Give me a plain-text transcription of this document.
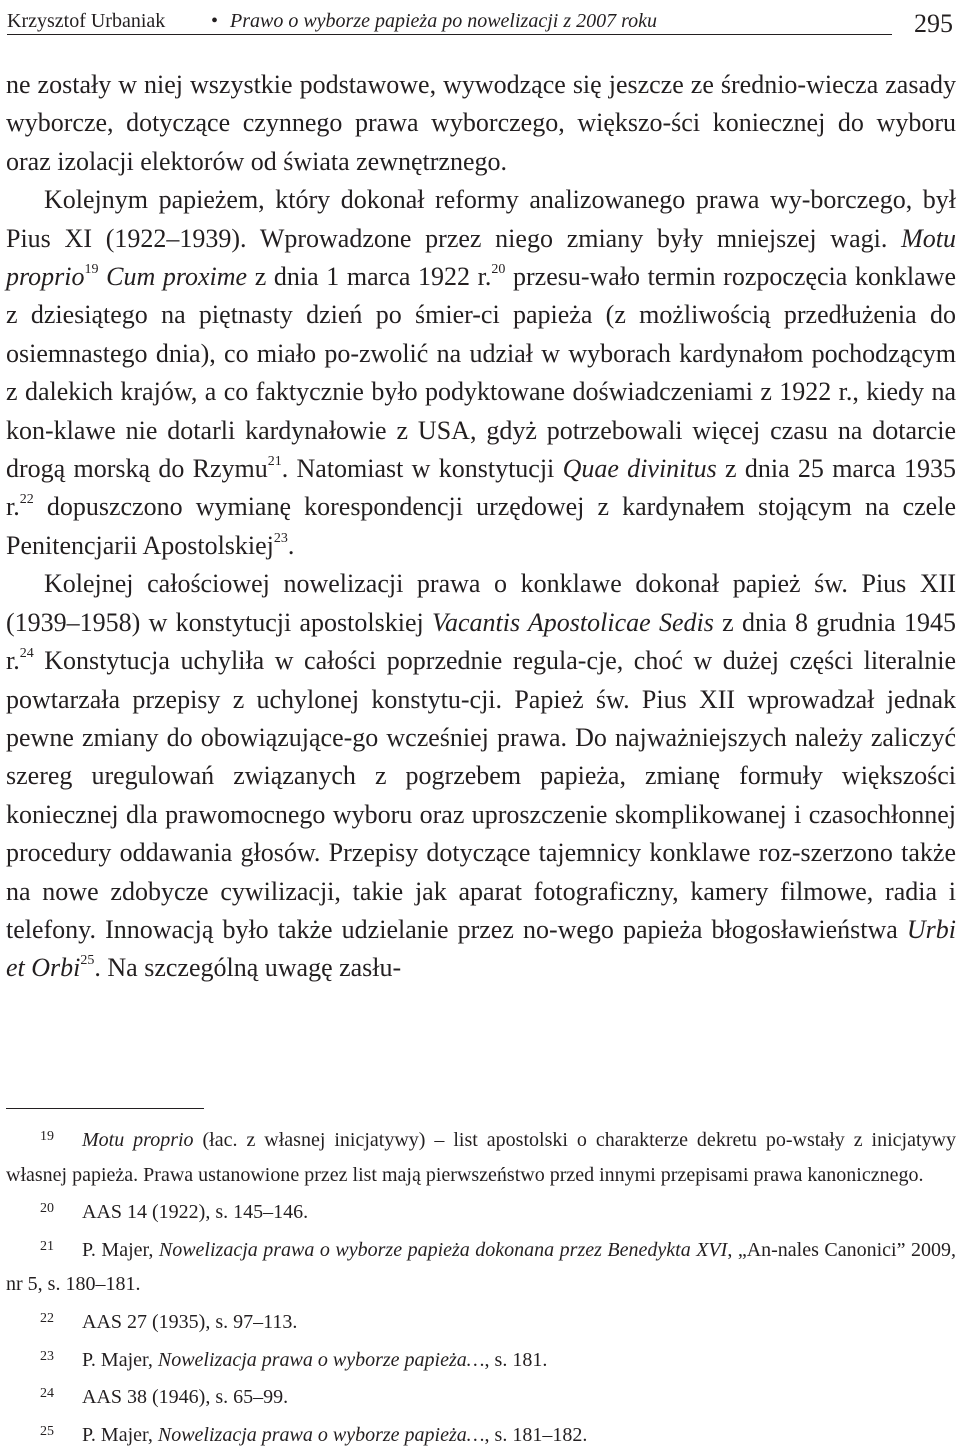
Krzysztof Urbaniak • Prawo o wyborze papieża po nowelizacji z 2007 roku	295

ne zostały w niej wszystkie podstawowe, wywodzące się jeszcze ze średnio-wiecza zasady wyborcze, dotyczące czynnego prawa wyborczego, większo-ści koniecznej do wyboru oraz izolacji elektorów od świata zewnętrznego.

Kolejnym papieżem, który dokonał reformy analizowanego prawa wy-borczego, był Pius XI (1922–1939). Wprowadzone przez niego zmiany były mniejszej wagi. Motu proprio$^{19}$ Cum proxime z dnia 1 marca 1922 r.$^{20}$ przesu-wało termin rozpoczęcia konklawe z dziesiątego na piętnasty dzień po śmier-ci papieża (z możliwością przedłużenia do osiemnastego dnia), co miało po-zwolić na udział w wyborach kardynałom pochodzącym z dalekich krajów, a co faktycznie było podyktowane doświadczeniami z 1922 r., kiedy na kon-klawe nie dotarli kardynałowie z USA, gdyż potrzebowali więcej czasu na dotarcie drogą morską do Rzymu$^{21}$. Natomiast w konstytucji Quae divinitus z dnia 25 marca 1935 r.$^{22}$ dopuszczono wymianę korespondencji urzędowej z kardynałem stojącym na czele Penitencjarii Apostolskiej$^{23}$.

Kolejnej całościowej nowelizacji prawa o konklawe dokonał papież św. Pius XII (1939–1958) w konstytucji apostolskiej Vacantis Apostolicae Sedis z dnia 8 grudnia 1945 r.$^{24}$ Konstytucja uchyliła w całości poprzednie regula-cje, choć w dużej części literalnie powtarzała przepisy z uchylonej konstytu-cji. Papież św. Pius XII wprowadzał jednak pewne zmiany do obowiązujące-go wcześniej prawa. Do najważniejszych należy zaliczyć szereg uregulowań związanych z pogrzebem papieża, zmianę formuły większości koniecznej dla prawomocnego wyboru oraz uproszczenie skomplikowanej i czasochłonnej procedury oddawania głosów. Przepisy dotyczące tajemnicy konklawe roz-szerzono także na nowe zdobycze cywilizacji, takie jak aparat fotograficzny, kamery filmowe, radia i telefony. Innowacją było także udzielanie przez no-wego papieża błogosławieństwa Urbi et Orbi$^{25}$. Na szczególną uwagę zasłu-

19 Motu proprio (łac. z własnej inicjatywy) – list apostolski o charakterze dekretu po-wstały z inicjatywy własnej papieża. Prawa ustanowione przez list mają pierwszeństwo przed innymi przepisami prawa kanonicznego.

20 AAS 14 (1922), s. 145–146.

21 P. Majer, Nowelizacja prawa o wyborze papieża dokonana przez Benedykta XVI, „An-nales Canonici” 2009, nr 5, s. 180–181.

22 AAS 27 (1935), s. 97–113.

23 P. Majer, Nowelizacja prawa o wyborze papieża…, s. 181.

24 AAS 38 (1946), s. 65–99.

25 P. Majer, Nowelizacja prawa o wyborze papieża…, s. 181–182.
